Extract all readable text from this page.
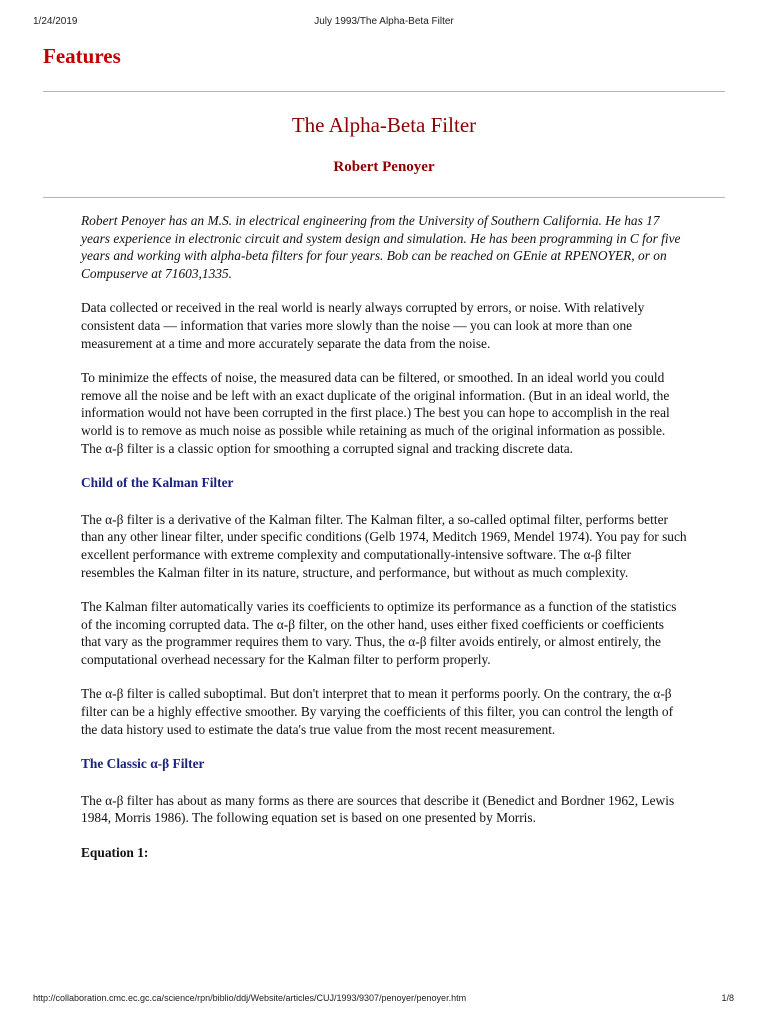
1/24/2019	July 1993/The Alpha-Beta Filter
Features
The Alpha-Beta Filter
Robert Penoyer

Robert Penoyer has an M.S. in electrical engineering from the University of Southern California. He has 17 years experience in electronic circuit and system design and simulation. He has been programming in C for five years and working with alpha-beta filters for four years. Bob can be reached on GEnie at RPENOYER, or on Compuserve at 71603,1335.

Data collected or received in the real world is nearly always corrupted by errors, or noise. With relatively consistent data — information that varies more slowly than the noise — you can look at more than one measurement at a time and more accurately separate the data from the noise.

To minimize the effects of noise, the measured data can be filtered, or smoothed. In an ideal world you could remove all the noise and be left with an exact duplicate of the original information. (But in an ideal world, the information would not have been corrupted in the first place.) The best you can hope to accomplish in the real world is to remove as much noise as possible while retaining as much of the original information as possible. The α-β filter is a classic option for smoothing a corrupted signal and tracking discrete data.

Child of the Kalman Filter

The α-β filter is a derivative of the Kalman filter. The Kalman filter, a so-called optimal filter, performs better than any other linear filter, under specific conditions (Gelb 1974, Meditch 1969, Mendel 1974). You pay for such excellent performance with extreme complexity and computationally-intensive software. The α-β filter resembles the Kalman filter in its nature, structure, and performance, but without as much complexity.

The Kalman filter automatically varies its coefficients to optimize its performance as a function of the statistics of the incoming corrupted data. The α-β filter, on the other hand, uses either fixed coefficients or coefficients that vary as the programmer requires them to vary. Thus, the α-β filter avoids entirely, or almost entirely, the computational overhead necessary for the Kalman filter to perform properly.

The α-β filter is called suboptimal. But don't interpret that to mean it performs poorly. On the contrary, the α-β filter can be a highly effective smoother. By varying the coefficients of this filter, you can control the length of the data history used to estimate the data's true value from the most recent measurement.

The Classic α-β Filter

The α-β filter has about as many forms as there are sources that describe it (Benedict and Bordner 1962, Lewis 1984, Morris 1986). The following equation set is based on one presented by Morris.

Equation 1:
http://collaboration.cmc.ec.gc.ca/science/rpn/biblio/ddj/Website/articles/CUJ/1993/9307/penoyer/penoyer.htm	1/8
